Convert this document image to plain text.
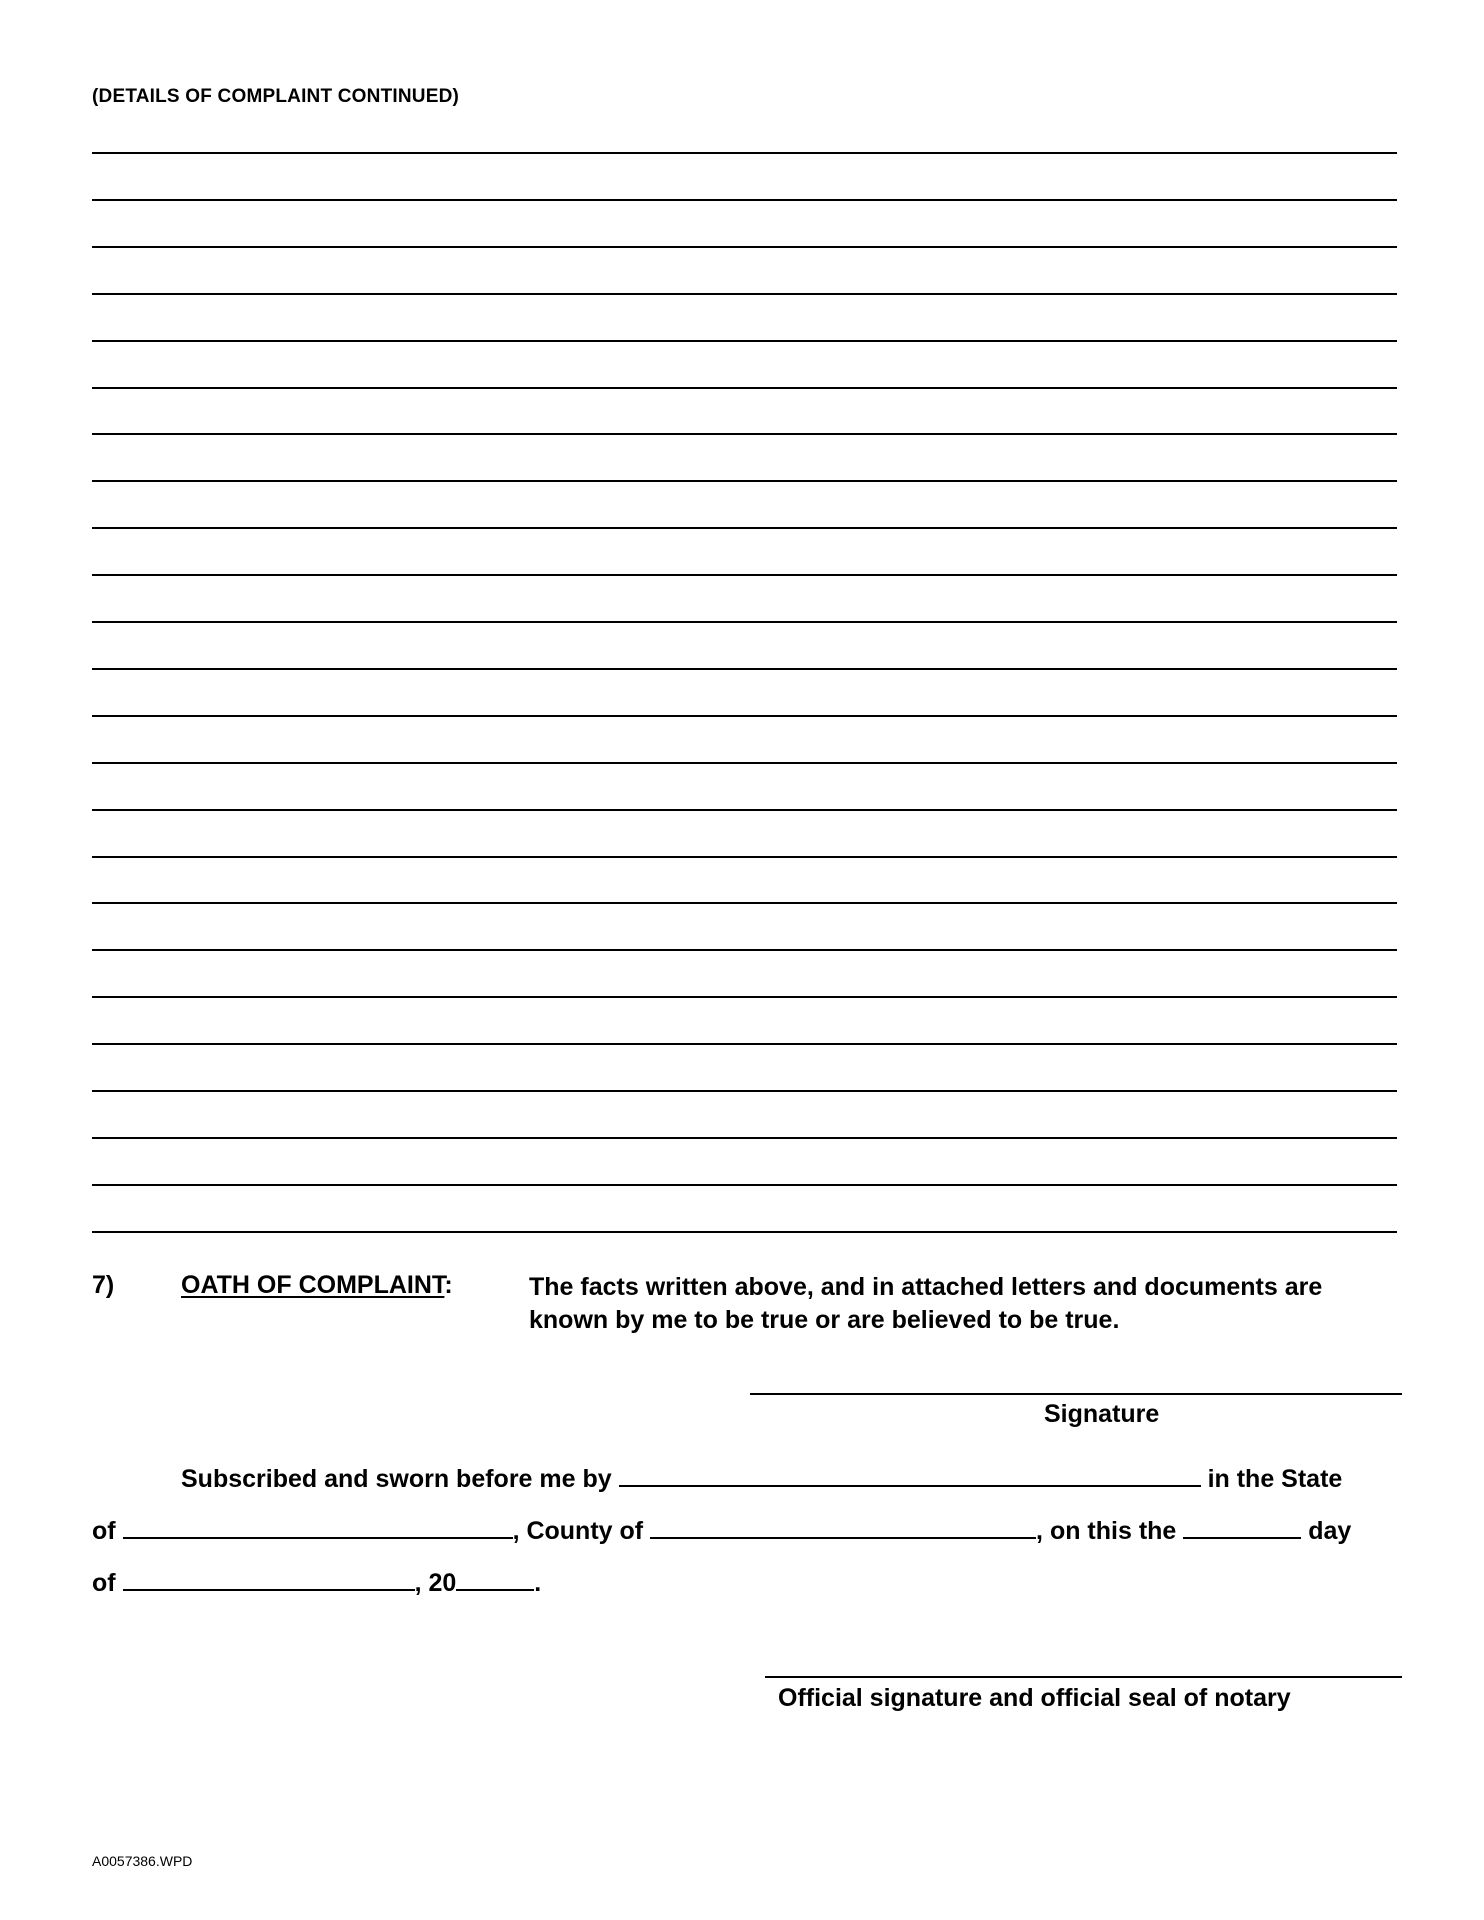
(DETAILS OF COMPLAINT CONTINUED)
7)	OATH OF COMPLAINT:	The facts written above, and in attached letters and documents are known by me to be true or are believed to be true.
Signature
Subscribed and sworn before me by	in the State
of	, County of	, on this the	day
of	, 20	.
Official signature and official seal of notary
A0057386.WPD
